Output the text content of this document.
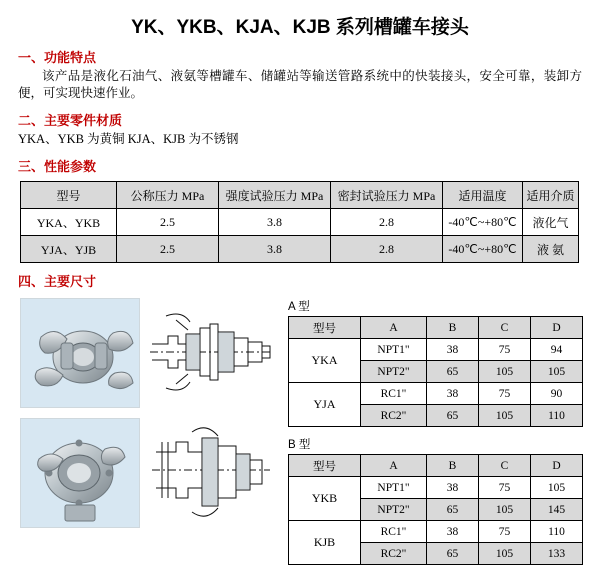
YK、YKB、KJA、KJB 系列槽罐车接头
一、功能特点
该产品是液化石油气、液氨等槽罐车、储罐站等输送管路系统中的快装接头，安全可靠，装卸方便，可实现快速作业。
二、主要零件材质
YKA、YKB 为黄铜 KJA、KJB 为不锈钢
三、性能参数
型号	公称压力 MPa	强度试验压力 MPa	密封试验压力 MPa	适用温度	适用介质
YKA、YKB	2.5	3.8	2.8	-40℃~+80℃	液化气
YJA、YJB	2.5	3.8	2.8	-40℃~+80℃	液 氨
四、主要尺寸
A 型
型号	A	B	C	D
YKA	NPT1"	38	75	94
	NPT2"	65	105	105
YJA	RC1"	38	75	90
	RC2"	65	105	110
B 型
型号	A	B	C	D
YKB	NPT1"	38	75	105
	NPT2"	65	105	145
KJB	RC1"	38	75	110
	RC2"	65	105	133
